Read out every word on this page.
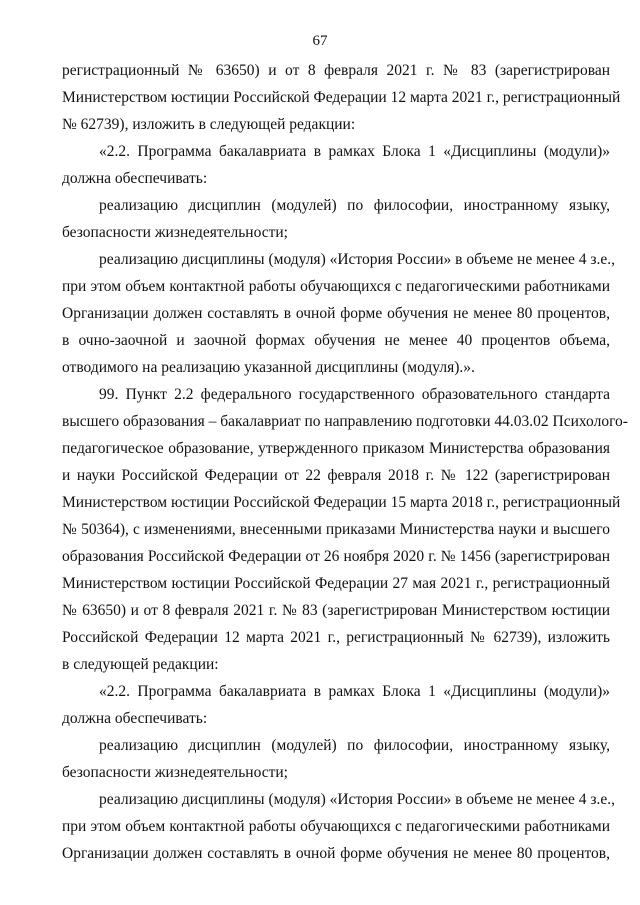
67
регистрационный № 63650) и от 8 февраля 2021 г. № 83 (зарегистрирован
Министерством юстиции Российской Федерации 12 марта 2021 г., регистрационный
№ 62739), изложить в следующей редакции:
«2.2. Программа бакалавриата в рамках Блока 1 «Дисциплины (модули)»
должна обеспечивать:
реализацию дисциплин (модулей) по философии, иностранному языку,
безопасности жизнедеятельности;
реализацию дисциплины (модуля) «История России» в объеме не менее 4 з.е.,
при этом объем контактной работы обучающихся с педагогическими работниками
Организации должен составлять в очной форме обучения не менее 80 процентов,
в очно-заочной и заочной формах обучения не менее 40 процентов объема,
отводимого на реализацию указанной дисциплины (модуля).».
99. Пункт 2.2 федерального государственного образовательного стандарта
высшего образования – бакалавриат по направлению подготовки 44.03.02 Психолого-
педагогическое образование, утвержденного приказом Министерства образования
и науки Российской Федерации от 22 февраля 2018 г. № 122 (зарегистрирован
Министерством юстиции Российской Федерации 15 марта 2018 г., регистрационный
№ 50364), с изменениями, внесенными приказами Министерства науки и высшего
образования Российской Федерации от 26 ноября 2020 г. № 1456 (зарегистрирован
Министерством юстиции Российской Федерации 27 мая 2021 г., регистрационный
№ 63650) и от 8 февраля 2021 г. № 83 (зарегистрирован Министерством юстиции
Российской Федерации 12 марта 2021 г., регистрационный № 62739), изложить
в следующей редакции:
«2.2. Программа бакалавриата в рамках Блока 1 «Дисциплины (модули)»
должна обеспечивать:
реализацию дисциплин (модулей) по философии, иностранному языку,
безопасности жизнедеятельности;
реализацию дисциплины (модуля) «История России» в объеме не менее 4 з.е.,
при этом объем контактной работы обучающихся с педагогическими работниками
Организации должен составлять в очной форме обучения не менее 80 процентов,
